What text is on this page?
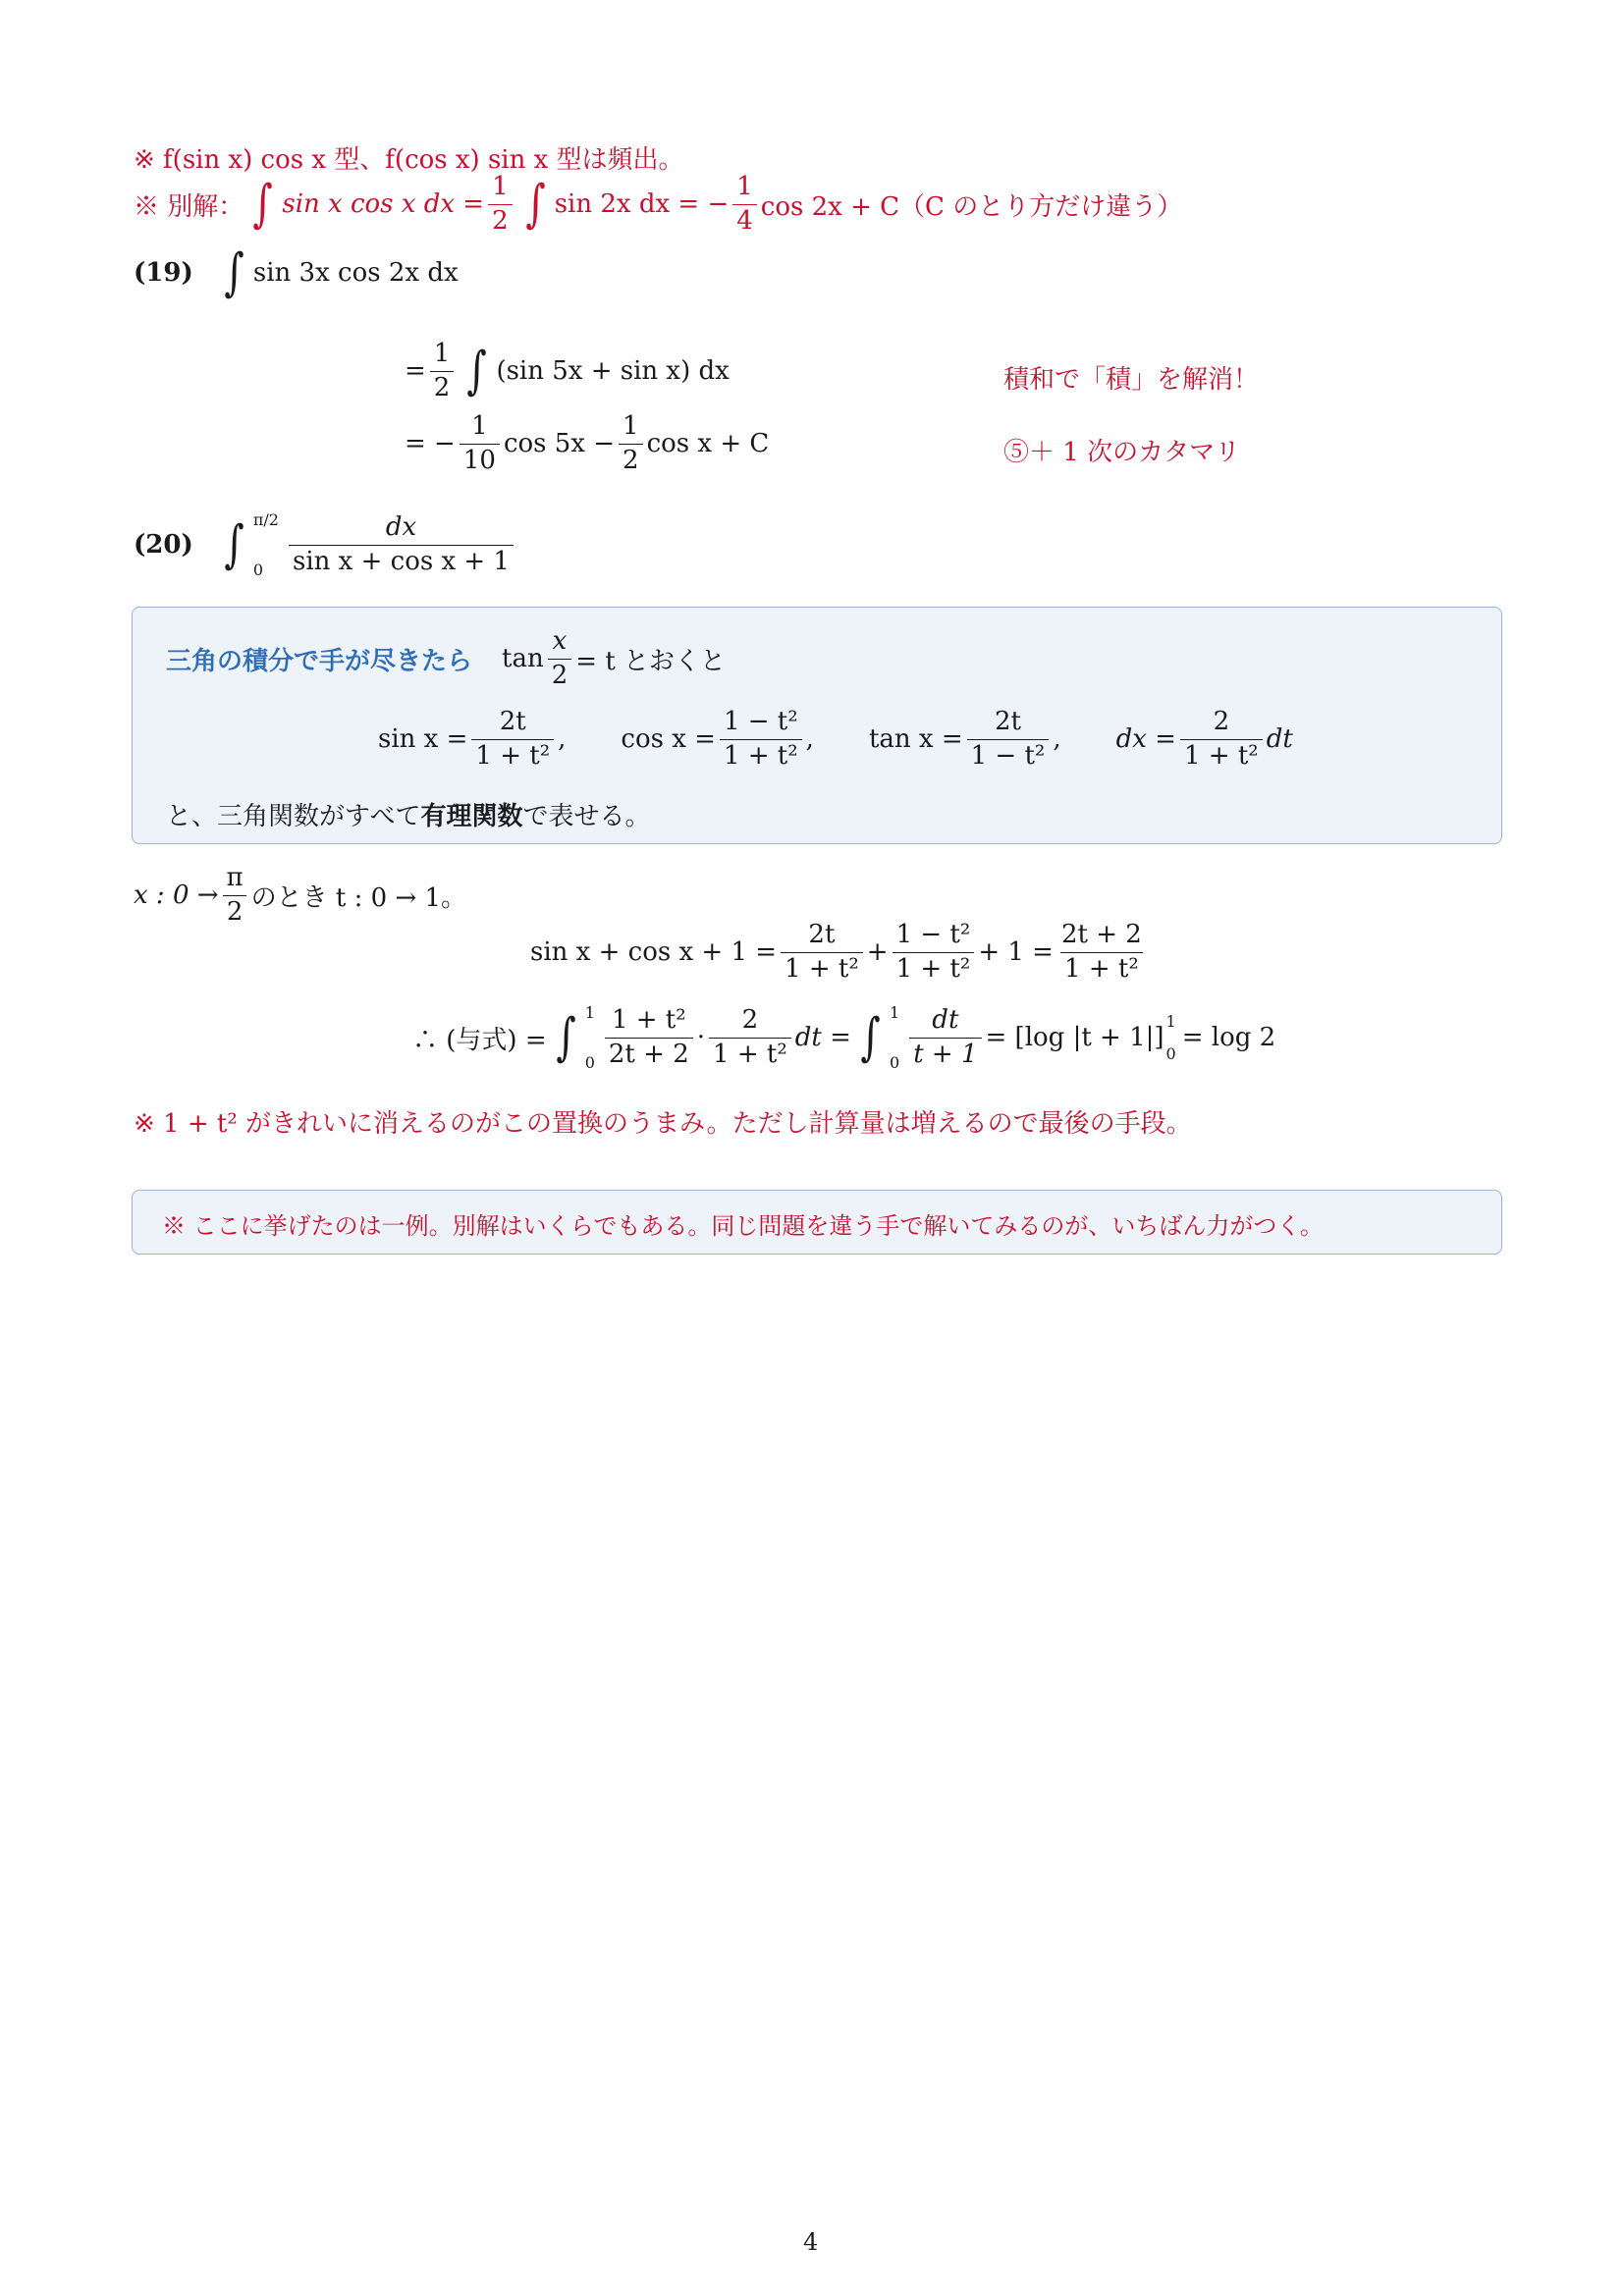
※ f(sin x) cos x 型、f(cos x) sin x 型は頻出。
※ 別解： ∫ sin x cos x dx = $\frac{1}{2}$ ∫ sin 2x dx = − $\frac{1}{4}$ cos 2x + C（C のとり方だけ違う）
(19) ∫ sin 3x cos 2x dx
= $\frac{1}{2}$ ∫ (sin 5x + sin x) dx	積和で「積」を解消！
= − $\frac{1}{10}$ $\cos 5x - \frac{1}{2}$ cos x + C	⑤＋ 1 次のカタマリ
(20) ∫ π/2
$0 \frac{dx}{\text{sin x + cos x + 1}}$
三角の積分で手が尽きたら $\tan \frac{x}{2} = t$ とおくと
$\sin x = \frac{2t}{\text{1 + t²}}$ , $\cos x = \frac{\text{1 − t²}}{\text{1 + t²}}$ , $\tan x = \frac{2t}{\text{1 − t²}}$ , dx = $\frac{2}{\text{1 + t²}}$ dt
と、三角関数がすべて有理関数で表せる。
x : $0 \to \frac{\pi}{2}$ のとき t : 0 → 1。
$\sin x + \cos x + 1 = \frac{2t}{\text{1 + t²}} + \frac{\text{1 − t²}}{\text{1 + t²}} + 1 = \frac{2t + 2}{\text{1 + t²}}$
∴ (与式) = ∫ 1
$0 \frac{\text{1 + t²}}{2t + 2} \cdot \frac{2}{\text{1 + t²}}$ dt = ∫ 1
$0 \frac{dt}{t + 1} = [\log$ |t + 1|]
1
0
= log 2
※ 1 + t² がきれいに消えるのがこの置換のうまみ。ただし計算量は増えるので最後の手段。
※ ここに挙げたのは一例。別解はいくらでもある。同じ問題を違う手で解いてみるのが、いちばん力がつく。
4
